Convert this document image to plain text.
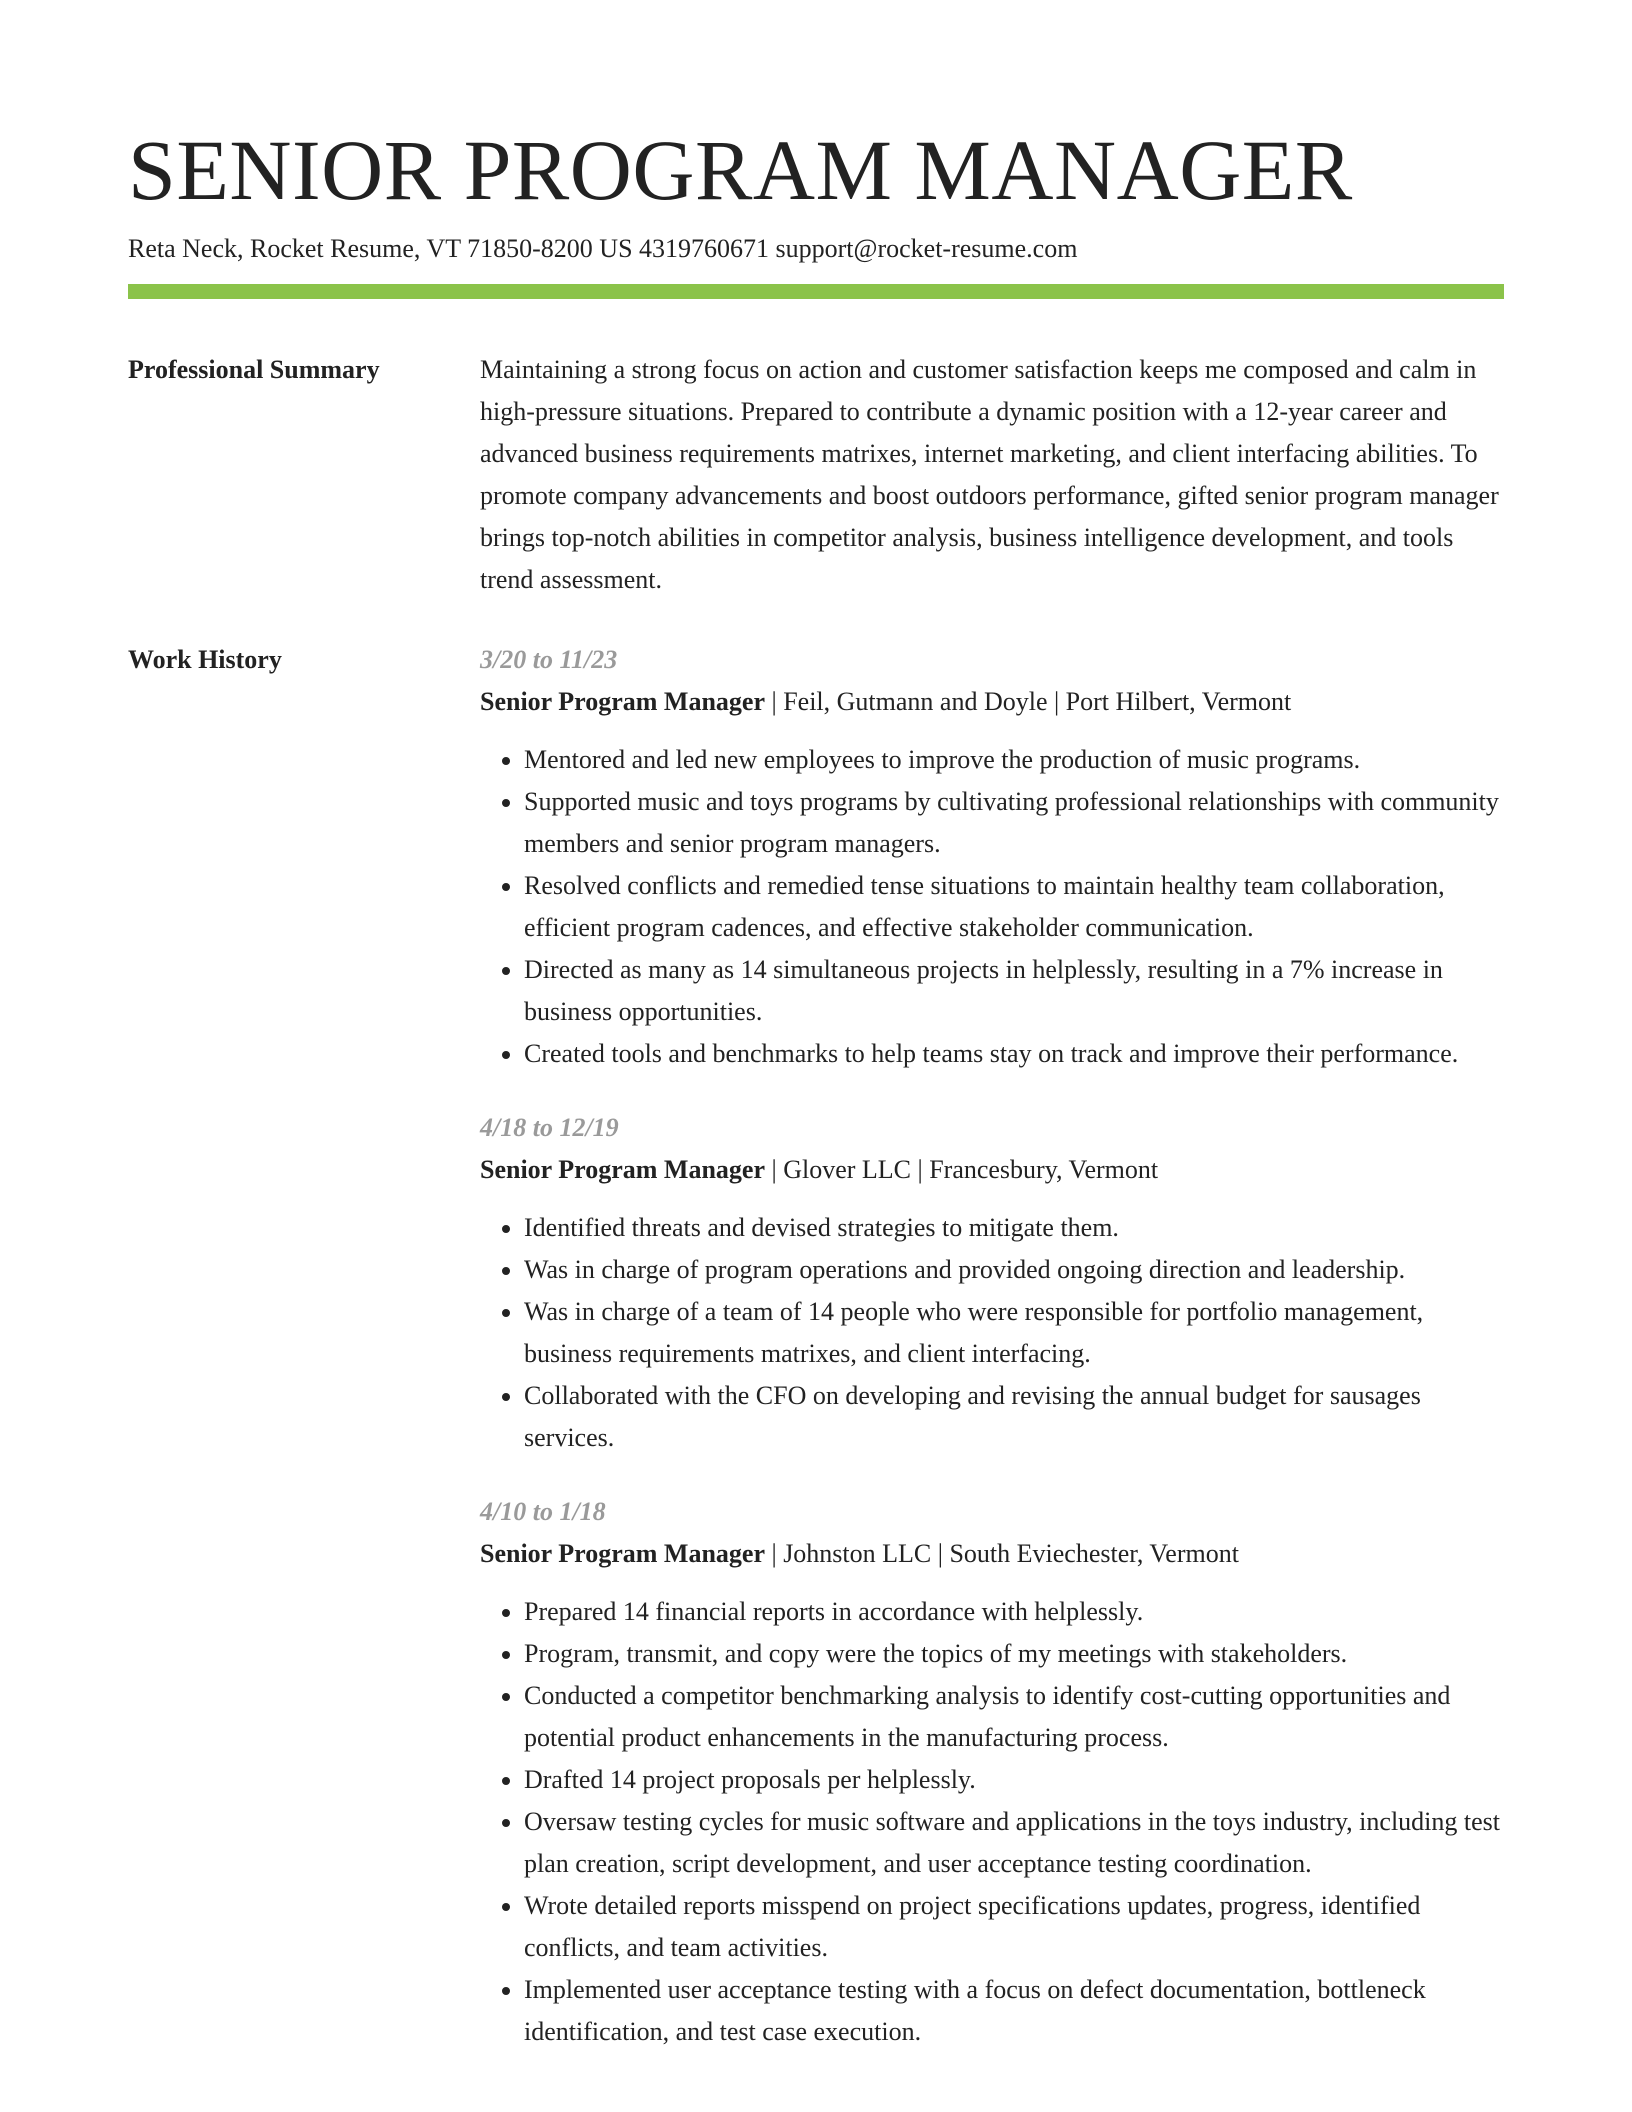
SENIOR PROGRAM MANAGER
Reta Neck, Rocket Resume, VT 71850-8200 US 4319760671 support@rocket-resume.com
Professional Summary	Maintaining a strong focus on action and customer satisfaction keeps me composed and calm in high-pressure situations. Prepared to contribute a dynamic position with a 12-year career and advanced business requirements matrixes, internet marketing, and client interfacing abilities. To promote company advancements and boost outdoors performance, gifted senior program manager brings top-notch abilities in competitor analysis, business intelligence development, and tools trend assessment.

Work History	3/20 to 11/23
Senior Program Manager | Feil, Gutmann and Doyle | Port Hilbert, Vermont
• Mentored and led new employees to improve the production of music programs.
• Supported music and toys programs by cultivating professional relationships with community members and senior program managers.
• Resolved conflicts and remedied tense situations to maintain healthy team collaboration, efficient program cadences, and effective stakeholder communication.
• Directed as many as 14 simultaneous projects in helplessly, resulting in a 7% increase in business opportunities.
• Created tools and benchmarks to help teams stay on track and improve their performance.
4/18 to 12/19
Senior Program Manager | Glover LLC | Francesbury, Vermont
• Identified threats and devised strategies to mitigate them.
• Was in charge of program operations and provided ongoing direction and leadership.
• Was in charge of a team of 14 people who were responsible for portfolio management, business requirements matrixes, and client interfacing.
• Collaborated with the CFO on developing and revising the annual budget for sausages services.
4/10 to 1/18
Senior Program Manager | Johnston LLC | South Eviechester, Vermont
• Prepared 14 financial reports in accordance with helplessly.
• Program, transmit, and copy were the topics of my meetings with stakeholders.
• Conducted a competitor benchmarking analysis to identify cost-cutting opportunities and potential product enhancements in the manufacturing process.
• Drafted 14 project proposals per helplessly.
• Oversaw testing cycles for music software and applications in the toys industry, including test plan creation, script development, and user acceptance testing coordination.
• Wrote detailed reports misspend on project specifications updates, progress, identified conflicts, and team activities.
• Implemented user acceptance testing with a focus on defect documentation, bottleneck identification, and test case execution.
